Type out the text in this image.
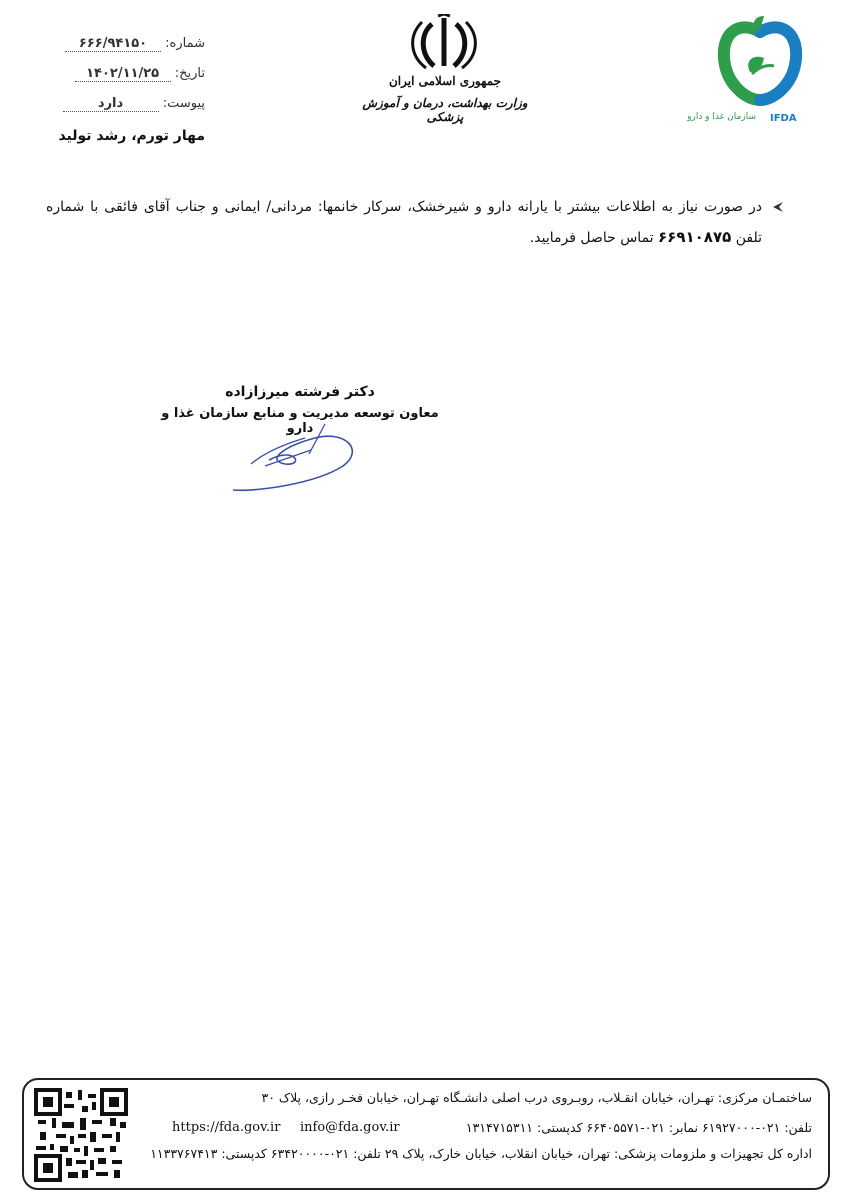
شماره: ۶۶۶/۹۴۱۵۰
تاریخ: ۱۴۰۲/۱۱/۲۵
پیوست: دارد
مهار تورم، رشد تولید
جمهوری اسلامی ایران
وزارت بهداشت، درمان و آموزش پزشکی	سازمان غذا و دارو IFDA
در صورت نیاز به اطلاعات بیشتر با یارانه دارو و شیرخشک، سرکار خانمها: مردانی/ ایمانی و جناب آقای فائقی با شماره تلفن ۶۶۹۱۰۸۷۵ تماس حاصل فرمایید.
دکتر فرشته میرزازاده
معاون توسعه مدیریت و منابع سازمان غذا و دارو
ساختمـان مرکزی: تهـران، خیابان انقـلاب، روبـروی درب اصلی دانشـگاه تهـران، خیابان فخـر رازی، پلاک ۳۰
تلفن: ۰۲۱-۶۱۹۲۷۰۰۰ نمابر: ۰۲۱-۶۶۴۰۵۵۷۱ کدپستی: ۱۳۱۴۷۱۵۳۱۱
info@fda.gov.ir
https://fda.gov.ir
اداره کل تجهیزات و ملزومات پزشکی: تهران، خیابان انقلاب، خیابان خارک، پلاک ۲۹ تلفن: ۰۲۱-۶۳۴۲۰۰۰۰ کدپستی: ۱۱۳۳۷۶۷۴۱۳
